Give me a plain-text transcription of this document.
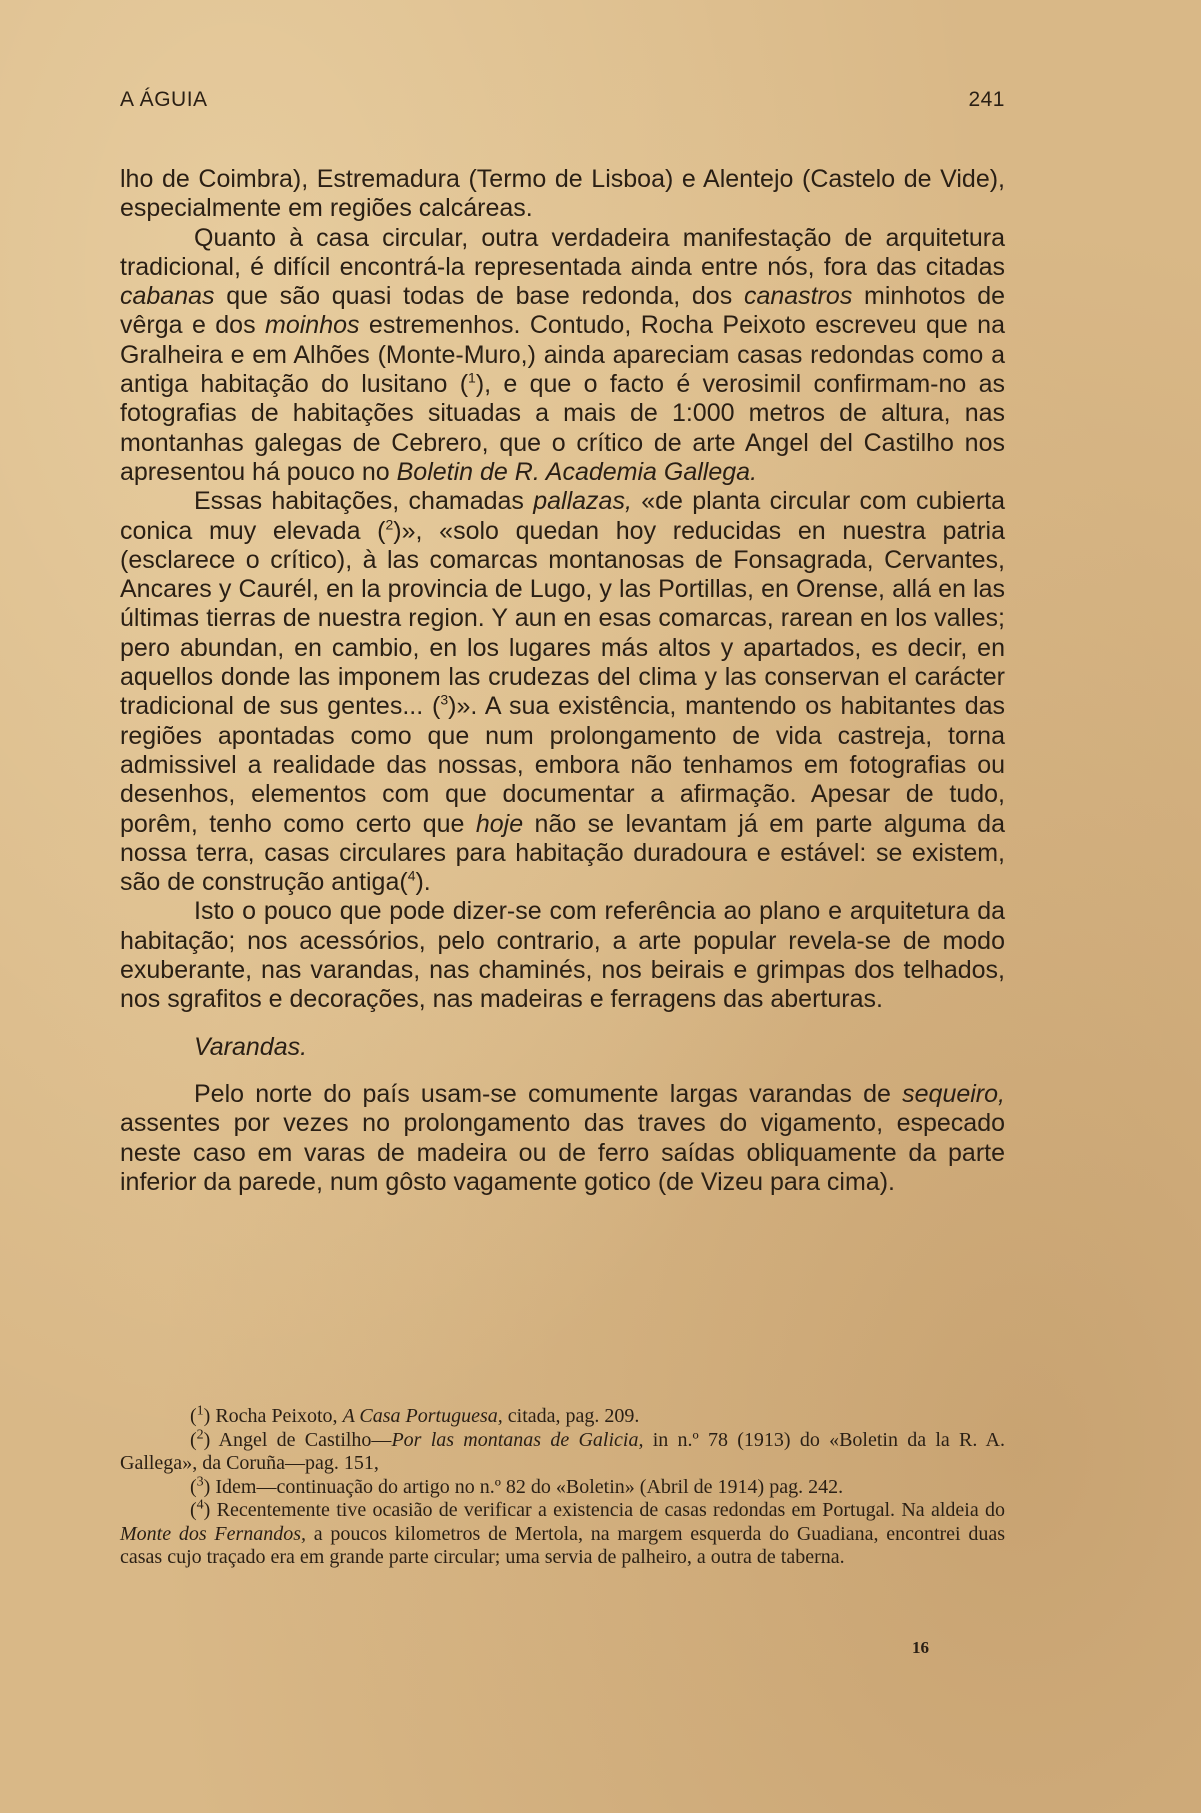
A ÁGUIA	241

lho de Coimbra), Estremadura (Termo de Lisboa) e Alentejo (Castelo de Vide), especialmente em regiões calcáreas.

Quanto à casa circular, outra verdadeira manifestação de arquitetura tradicional, é difícil encontrá-la representada ainda entre nós, fora das citadas cabanas que são quasi todas de base redonda, dos canastros minhotos de vêrga e dos moinhos estremenhos. Contudo, Rocha Peixoto escreveu que na Gralheira e em Alhões (Monte-Muro,) ainda apareciam casas redondas como a antiga habitação do lusitano ($^1$), e que o facto é verosimil confirmam-no as fotografias de habitações situadas a mais de 1:000 metros de altura, nas montanhas galegas de Cebrero, que o crítico de arte Angel del Castilho nos apresentou há pouco no Boletin de R. Academia Gallega.

Essas habitações, chamadas pallazas, «de planta circular com cubierta conica muy elevada ($^2$)», «solo quedan hoy reducidas en nuestra patria (esclarece o crítico), à las comarcas montanosas de Fonsagrada, Cervantes, Ancares y Caurél, en la provincia de Lugo, y las Portillas, en Orense, allá en las últimas tierras de nuestra region. Y aun en esas comarcas, rarean en los valles; pero abundan, en cambio, en los lugares más altos y apartados, es decir, en aquellos donde las imponem las crudezas del clima y las conservan el carácter tradicional de sus gentes... ($^3$)». A sua existência, mantendo os habitantes das regiões apontadas como que num prolongamento de vida castreja, torna admissivel a realidade das nossas, embora não tenhamos em fotografias ou desenhos, elementos com que documentar a afirmação. Apesar de tudo, porêm, tenho como certo que hoje não se levantam já em parte alguma da nossa terra, casas circulares para habitação duradoura e estável: se existem, são de construção antiga($^4$).

Isto o pouco que pode dizer-se com referência ao plano e arquitetura da habitação; nos acessórios, pelo contrario, a arte popular revela-se de modo exuberante, nas varandas, nas chaminés, nos beirais e grimpas dos telhados, nos sgrafitos e decorações, nas madeiras e ferragens das aberturas.

Varandas.

Pelo norte do país usam-se comumente largas varandas de sequeiro, assentes por vezes no prolongamento das traves do vigamento, especado neste caso em varas de madeira ou de ferro saídas obliquamente da parte inferior da parede, num gôsto vagamente gotico (de Vizeu para cima).

($^1$) Rocha Peixoto, A Casa Portuguesa, citada, pag. 209.

($^2$) Angel de Castilho—Por las montanas de Galicia, in n.º 78 (1913) do «Boletin da la R. A. Gallega», da Coruña—pag. 151,

($^3$) Idem—continuação do artigo no n.º 82 do «Boletin» (Abril de 1914) pag. 242.

($^4$) Recentemente tive ocasião de verificar a existencia de casas redondas em Portugal. Na aldeia do Monte dos Fernandos, a poucos kilometros de Mertola, na margem esquerda do Guadiana, encontrei duas casas cujo traçado era em grande parte circular; uma servia de palheiro, a outra de taberna.

16
